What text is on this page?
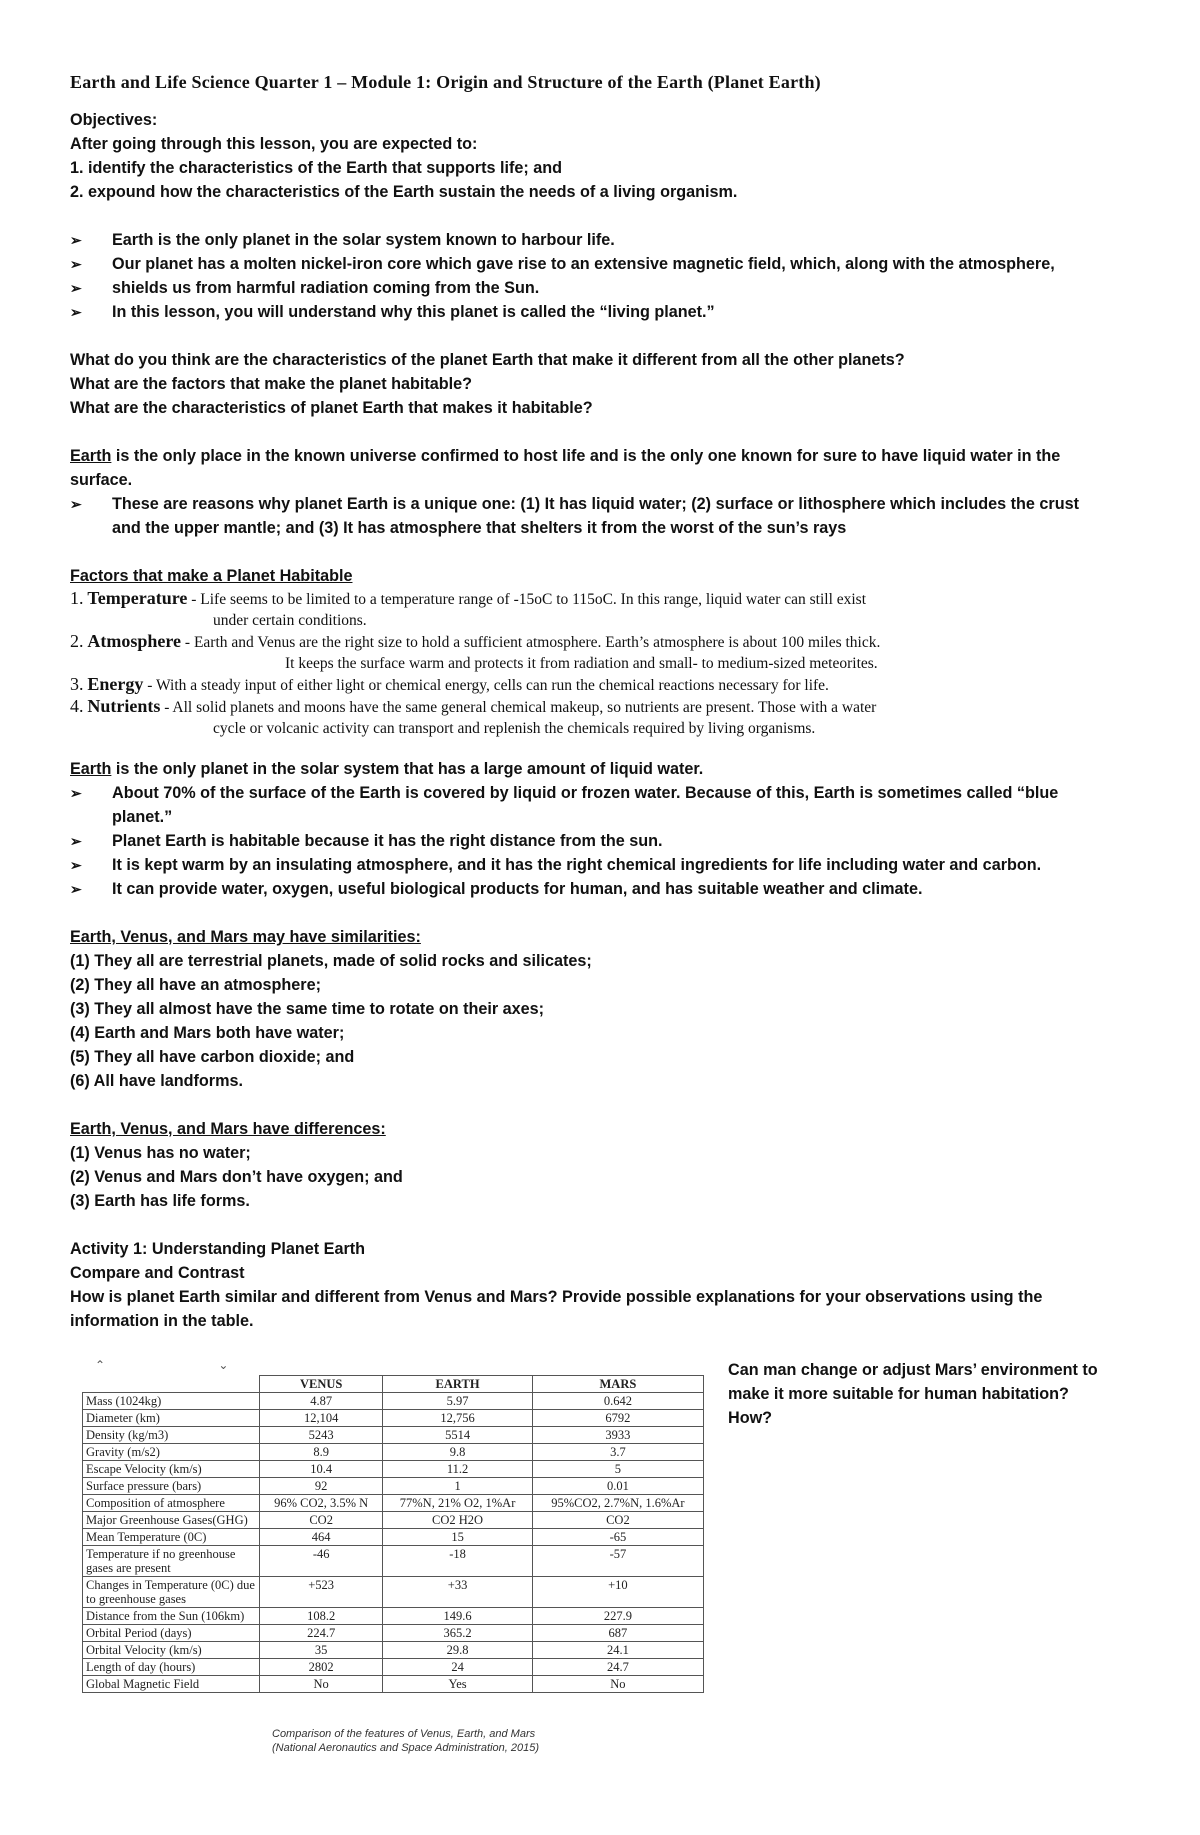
Earth and Life Science Quarter 1 – Module 1: Origin and Structure of the Earth (Planet Earth)
Objectives:
After going through this lesson, you are expected to:
1. identify the characteristics of the Earth that supports life; and
2. expound how the characteristics of the Earth sustain the needs of a living organism.
➢ Earth is the only planet in the solar system known to harbour life.
➢ Our planet has a molten nickel-iron core which gave rise to an extensive magnetic field, which, along with the atmosphere,
➢ shields us from harmful radiation coming from the Sun.
➢ In this lesson, you will understand why this planet is called the “living planet.”
What do you think are the characteristics of the planet Earth that make it different from all the other planets?
What are the factors that make the planet habitable?
What are the characteristics of planet Earth that makes it habitable?
Earth is the only place in the known universe confirmed to host life and is the only one known for sure to have liquid water in the
surface.
➢ These are reasons why planet Earth is a unique one: (1) It has liquid water; (2) surface or lithosphere which includes the crust
and the upper mantle; and (3) It has atmosphere that shelters it from the worst of the sun’s rays
Factors that make a Planet Habitable
1. Temperature - Life seems to be limited to a temperature range of -15oC to 115oC. In this range, liquid water can still exist
under certain conditions.
2. Atmosphere - Earth and Venus are the right size to hold a sufficient atmosphere. Earth’s atmosphere is about 100 miles thick.
It keeps the surface warm and protects it from radiation and small- to medium-sized meteorites.
3. Energy - With a steady input of either light or chemical energy, cells can run the chemical reactions necessary for life.
4. Nutrients - All solid planets and moons have the same general chemical makeup, so nutrients are present. Those with a water
cycle or volcanic activity can transport and replenish the chemicals required by living organisms.
Earth is the only planet in the solar system that has a large amount of liquid water.
➢ About 70% of the surface of the Earth is covered by liquid or frozen water. Because of this, Earth is sometimes called “blue
planet.”
➢ Planet Earth is habitable because it has the right distance from the sun.
➢ It is kept warm by an insulating atmosphere, and it has the right chemical ingredients for life including water and carbon.
➢ It can provide water, oxygen, useful biological products for human, and has suitable weather and climate.
Earth, Venus, and Mars may have similarities:
(1) They all are terrestrial planets, made of solid rocks and silicates;
(2) They all have an atmosphere;
(3) They all almost have the same time to rotate on their axes;
(4) Earth and Mars both have water;
(5) They all have carbon dioxide; and
(6) All have landforms.
Earth, Venus, and Mars have differences:
(1) Venus has no water;
(2) Venus and Mars don’t have oxygen; and
(3) Earth has life forms.
Activity 1: Understanding Planet Earth
Compare and Contrast
How is planet Earth similar and different from Venus and Mars? Provide possible explanations for your observations using the
information in the table.
⌃                                  ⌄
	VENUS	EARTH	MARS
Mass (1024kg)	4.87	5.97	0.642
Diameter (km)	12,104	12,756	6792
Density (kg/m3)	5243	5514	3933
Gravity (m/s2)	8.9	9.8	3.7
Escape Velocity (km/s)	10.4	11.2	5
Surface pressure (bars)	92	1	0.01
Composition of atmosphere	96% CO2, 3.5% N	77%N, 21% O2, 1%Ar	95%CO2, 2.7%N, 1.6%Ar
Major Greenhouse Gases(GHG)	CO2	CO2 H2O	CO2
Mean Temperature (0C)	464	15	-65
Temperature if no greenhouse gases are present	-46	-18	-57
Changes in Temperature (0C) due to greenhouse gases	+523	+33	+10
Distance from the Sun (106km)	108.2	149.6	227.9
Orbital Period (days)	224.7	365.2	687
Orbital Velocity (km/s)	35	29.8	24.1
Length of day (hours)	2802	24	24.7
Global Magnetic Field	No	Yes	No
Comparison of the features of Venus, Earth, and Mars
(National Aeronautics and Space Administration, 2015)
Can man change or adjust Mars’ environment to
make it more suitable for human habitation?
How?
